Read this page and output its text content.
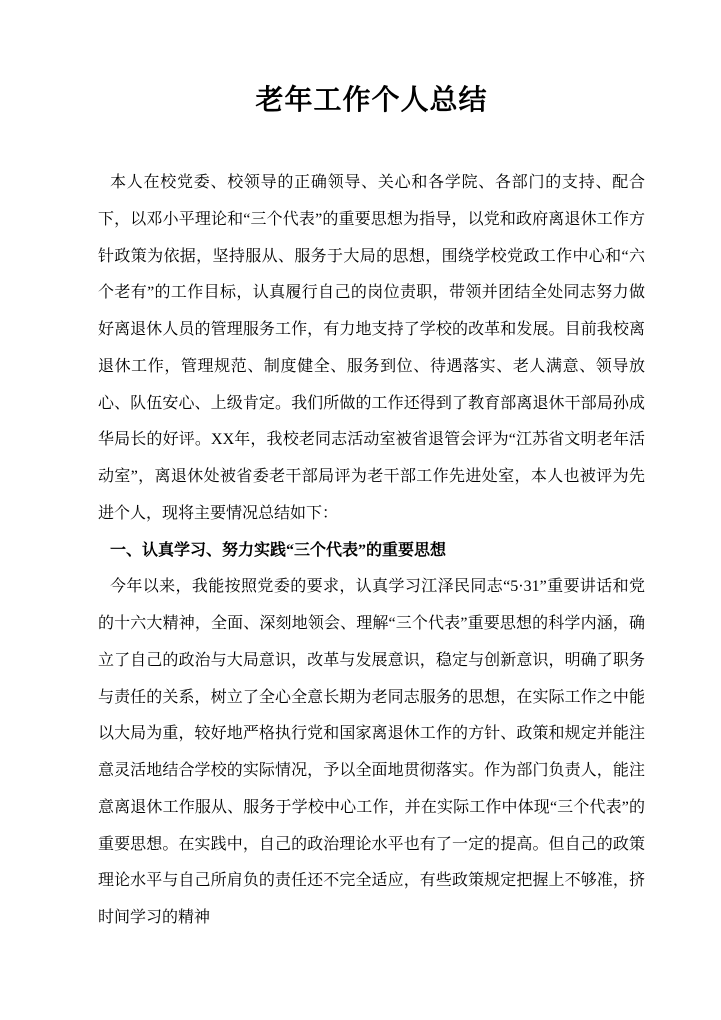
老年工作个人总结

本人在校党委、校领导的正确领导、关心和各学院、各部门的支持、配合下，以邓小平理论和“三个代表”的重要思想为指导，以党和政府离退休工作方针政策为依据，坚持服从、服务于大局的思想，围绕学校党政工作中心和“六个老有”的工作目标，认真履行自己的岗位责职，带领并团结全处同志努力做好离退休人员的管理服务工作，有力地支持了学校的改革和发展。目前我校离退休工作，管理规范、制度健全、服务到位、待遇落实、老人满意、领导放心、队伍安心、上级肯定。我们所做的工作还得到了教育部离退休干部局孙成华局长的好评。XX年，我校老同志活动室被省退管会评为“江苏省文明老年活动室”，离退休处被省委老干部局评为老干部工作先进处室，本人也被评为先进个人，现将主要情况总结如下：

一、认真学习、努力实践“三个代表”的重要思想

今年以来，我能按照党委的要求，认真学习江泽民同志“5·31”重要讲话和党的十六大精神，全面、深刻地领会、理解“三个代表”重要思想的科学内涵，确立了自己的政治与大局意识，改革与发展意识，稳定与创新意识，明确了职务与责任的关系，树立了全心全意长期为老同志服务的思想，在实际工作之中能以大局为重，较好地严格执行党和国家离退休工作的方针、政策和规定并能注意灵活地结合学校的实际情况，予以全面地贯彻落实。作为部门负责人，能注意离退休工作服从、服务于学校中心工作，并在实际工作中体现“三个代表”的重要思想。在实践中，自己的政治理论水平也有了一定的提高。但自己的政策理论水平与自己所肩负的责任还不完全适应，有些政策规定把握上不够准，挤时间学习的精神
